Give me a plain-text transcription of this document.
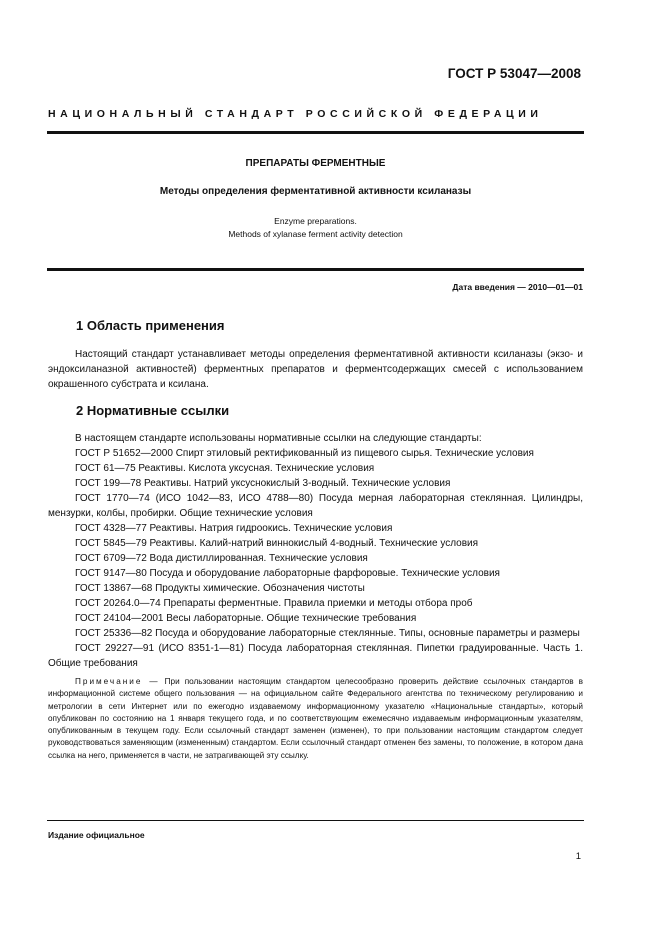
ГОСТ Р 53047—2008
НАЦИОНАЛЬНЫЙ СТАНДАРТ РОССИЙСКОЙ ФЕДЕРАЦИИ
ПРЕПАРАТЫ ФЕРМЕНТНЫЕ
Методы определения ферментативной активности ксиланазы
Enzyme preparations.
Methods of xylanase ferment activity detection
Дата введения — 2010—01—01
1 Область применения
Настоящий стандарт устанавливает методы определения ферментативной активности ксиланазы (экзо- и эндоксиланазной активностей) ферментных препаратов и ферментсодержащих смесей с использованием окрашенного субстрата и ксилана.
2 Нормативные ссылки
В настоящем стандарте использованы нормативные ссылки на следующие стандарты:
ГОСТ Р 51652—2000 Спирт этиловый ректификованный из пищевого сырья. Технические условия
ГОСТ 61—75 Реактивы. Кислота уксусная. Технические условия
ГОСТ 199—78 Реактивы. Натрий уксуснокислый 3-водный. Технические условия
ГОСТ 1770—74 (ИСО 1042—83, ИСО 4788—80) Посуда мерная лабораторная стеклянная. Цилиндры, мензурки, колбы, пробирки. Общие технические условия
ГОСТ 4328—77 Реактивы. Натрия гидроокись. Технические условия
ГОСТ 5845—79 Реактивы. Калий-натрий виннокислый 4-водный. Технические условия
ГОСТ 6709—72 Вода дистиллированная. Технические условия
ГОСТ 9147—80 Посуда и оборудование лабораторные фарфоровые. Технические условия
ГОСТ 13867—68 Продукты химические. Обозначения чистоты
ГОСТ 20264.0—74 Препараты ферментные. Правила приемки и методы отбора проб
ГОСТ 24104—2001 Весы лабораторные. Общие технические требования
ГОСТ 25336—82 Посуда и оборудование лабораторные стеклянные. Типы, основные параметры и размеры
ГОСТ 29227—91 (ИСО 8351-1—81) Посуда лабораторная стеклянная. Пипетки градуированные. Часть 1. Общие требования
Примечание — При пользовании настоящим стандартом целесообразно проверить действие ссылочных стандартов в информационной системе общего пользования — на официальном сайте Федерального агентства по техническому регулированию и метрологии в сети Интернет или по ежегодно издаваемому информационному указателю «Национальные стандарты», который опубликован по состоянию на 1 января текущего года, и по соответствующим ежемесячно издаваемым информационным указателям, опубликованным в текущем году. Если ссылочный стандарт заменен (изменен), то при пользовании настоящим стандартом следует руководствоваться заменяющим (измененным) стандартом. Если ссылочный стандарт отменен без замены, то положение, в котором дана ссылка на него, применяется в части, не затрагивающей эту ссылку.
Издание официальное
1
